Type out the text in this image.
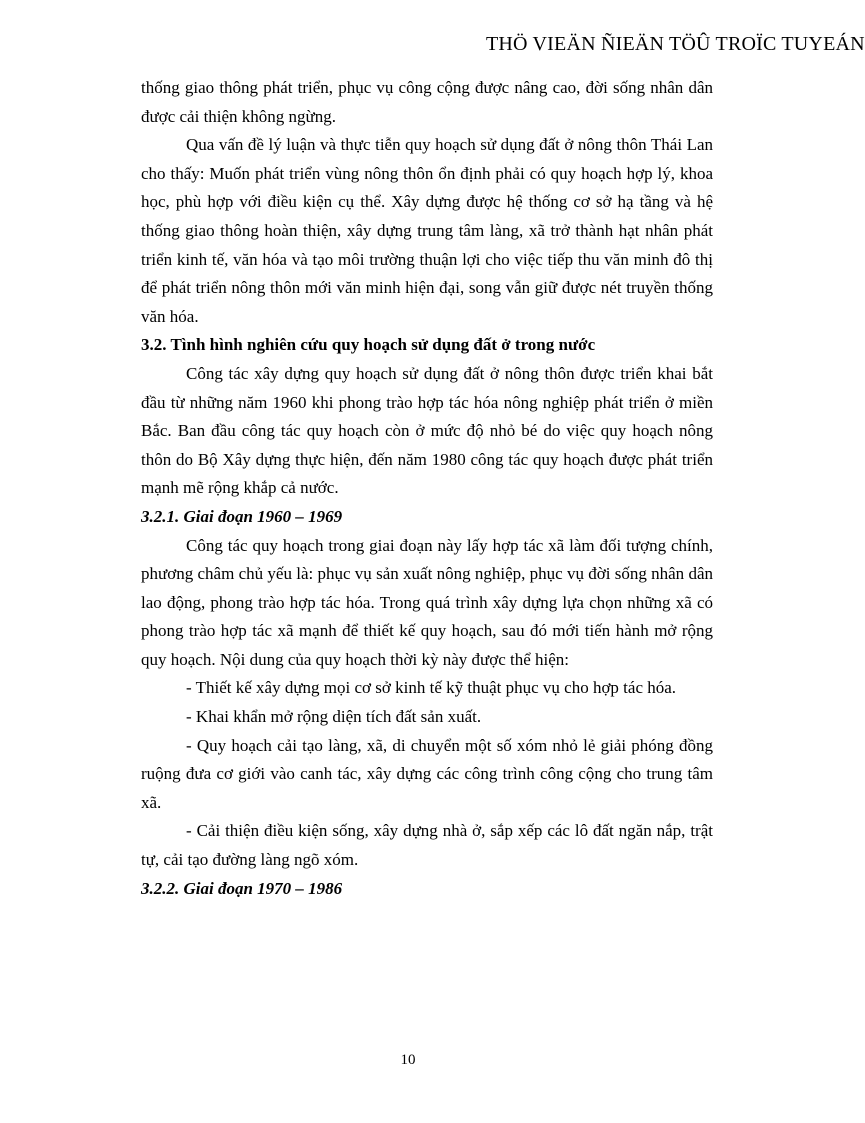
THÖ VIEÄN ÑIEÄN TÖÛ TROÏC TUYEÁN

thống giao thông phát triển, phục vụ công cộng được nâng cao, đời sống nhân dân được cải thiện không ngừng.

Qua vấn đề lý luận và thực tiễn quy hoạch sử dụng đất ở nông thôn Thái Lan cho thấy: Muốn phát triển vùng nông thôn ổn định phải có quy hoạch hợp lý, khoa học, phù hợp với điều kiện cụ thể. Xây dựng được hệ thống cơ sở hạ tầng và hệ thống giao thông hoàn thiện, xây dựng trung tâm làng, xã trở thành hạt nhân phát triển kinh tế, văn hóa và tạo môi trường thuận lợi cho việc tiếp thu văn minh đô thị để phát triển nông thôn mới văn minh hiện đại, song vẫn giữ được nét truyền thống văn hóa.

3.2. Tình hình nghiên cứu quy hoạch sử dụng đất ở trong nước

Công tác xây dựng quy hoạch sử dụng đất ở nông thôn được triển khai bắt đầu từ những năm 1960 khi phong trào hợp tác hóa nông nghiệp phát triển ở miền Bắc. Ban đầu công tác quy hoạch còn ở mức độ nhỏ bé do việc quy hoạch nông thôn do Bộ Xây dựng thực hiện, đến năm 1980 công tác quy hoạch được phát triển mạnh mẽ rộng khắp cả nước.

3.2.1. Giai đoạn 1960 – 1969

Công tác quy hoạch trong giai đoạn này lấy hợp tác xã làm đối tượng chính, phương châm chủ yếu là: phục vụ sản xuất nông nghiệp, phục vụ đời sống nhân dân lao động, phong trào hợp tác hóa. Trong quá trình xây dựng lựa chọn những xã có phong trào hợp tác xã mạnh để thiết kế quy hoạch, sau đó mới tiến hành mở rộng quy hoạch. Nội dung của quy hoạch thời kỳ này được thể hiện:

- Thiết kế xây dựng mọi cơ sở kinh tế kỹ thuật phục vụ cho hợp tác hóa.

- Khai khẩn mở rộng diện tích đất sản xuất.

- Quy hoạch cải tạo làng, xã, di chuyển một số xóm nhỏ lẻ giải phóng đồng ruộng đưa cơ giới vào canh tác, xây dựng các công trình công cộng cho trung tâm xã.

- Cải thiện điều kiện sống, xây dựng nhà ở, sắp xếp các lô đất ngăn nắp, trật tự, cải tạo đường làng ngõ xóm.

3.2.2. Giai đoạn 1970 – 1986

10
